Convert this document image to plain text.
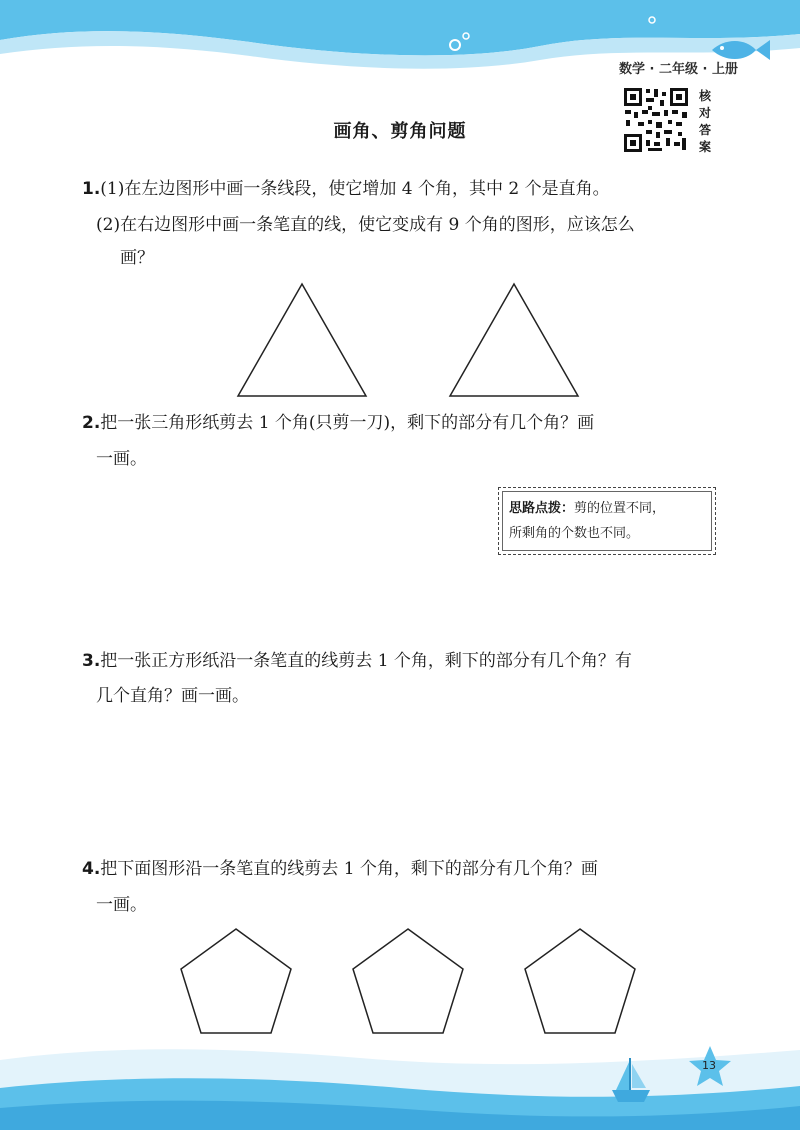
数学 · 二年级 · 上册
核
对
答
案
画角、剪角问题
1.(1)在左边图形中画一条线段，使它增加 4 个角，其中 2 个是直角。
(2)在右边图形中画一条笔直的线，使它变成有 9 个角的图形，应该怎么
画？
2.把一张三角形纸剪去 1 个角(只剪一刀)，剩下的部分有几个角？画
一画。
思路点拨：剪的位置不同，
所剩角的个数也不同。
3.把一张正方形纸沿一条笔直的线剪去 1 个角，剩下的部分有几个角？有
几个直角？画一画。
4.把下面图形沿一条笔直的线剪去 1 个角，剩下的部分有几个角？画
一画。
13
